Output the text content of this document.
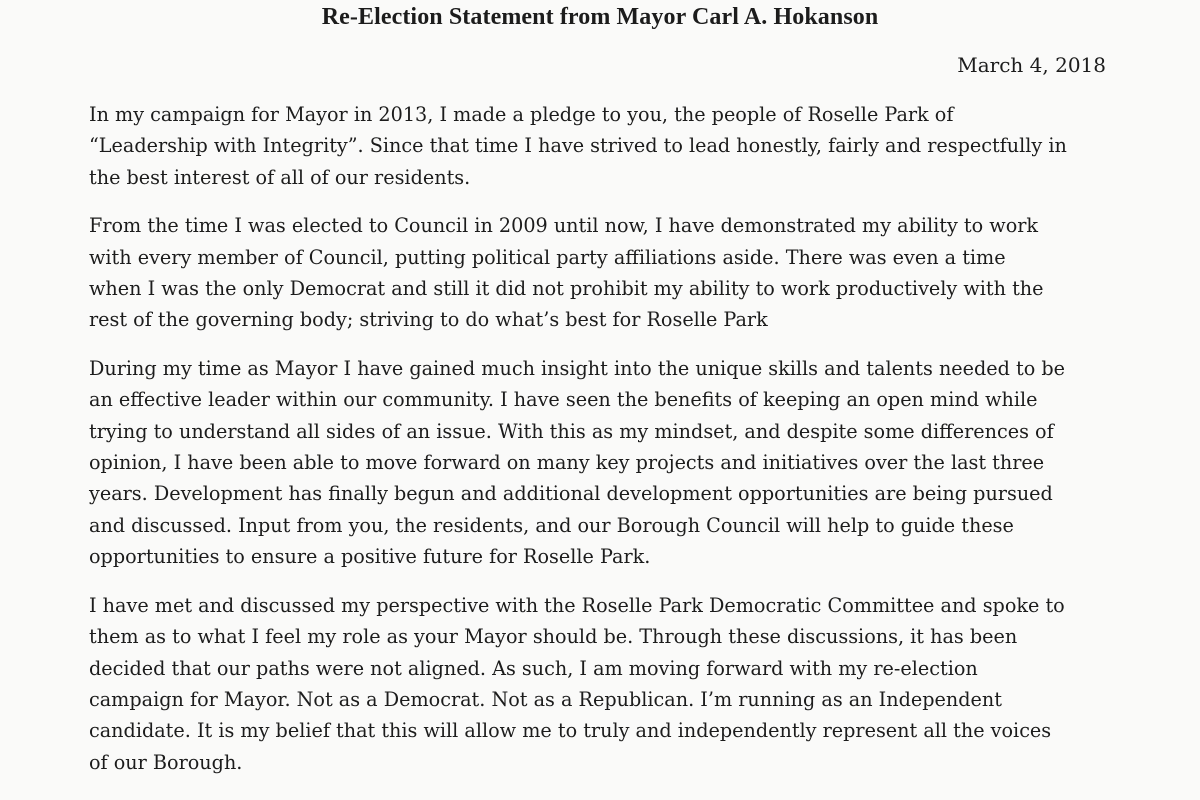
Re-Election Statement from Mayor Carl A. Hokanson
March 4, 2018

In my campaign for Mayor in 2013, I made a pledge to you, the people of Roselle Park of
“Leadership with Integrity”. Since that time I have strived to lead honestly, fairly and respectfully in
the best interest of all of our residents.

From the time I was elected to Council in 2009 until now, I have demonstrated my ability to work
with every member of Council, putting political party affiliations aside. There was even a time
when I was the only Democrat and still it did not prohibit my ability to work productively with the
rest of the governing body; striving to do what’s best for Roselle Park

During my time as Mayor I have gained much insight into the unique skills and talents needed to be
an effective leader within our community. I have seen the benefits of keeping an open mind while
trying to understand all sides of an issue. With this as my mindset, and despite some differences of
opinion, I have been able to move forward on many key projects and initiatives over the last three
years. Development has finally begun and additional development opportunities are being pursued
and discussed. Input from you, the residents, and our Borough Council will help to guide these
opportunities to ensure a positive future for Roselle Park.

I have met and discussed my perspective with the Roselle Park Democratic Committee and spoke to
them as to what I feel my role as your Mayor should be. Through these discussions, it has been
decided that our paths were not aligned. As such, I am moving forward with my re-election
campaign for Mayor. Not as a Democrat. Not as a Republican. I’m running as an Independent
candidate. It is my belief that this will allow me to truly and independently represent all the voices
of our Borough.
